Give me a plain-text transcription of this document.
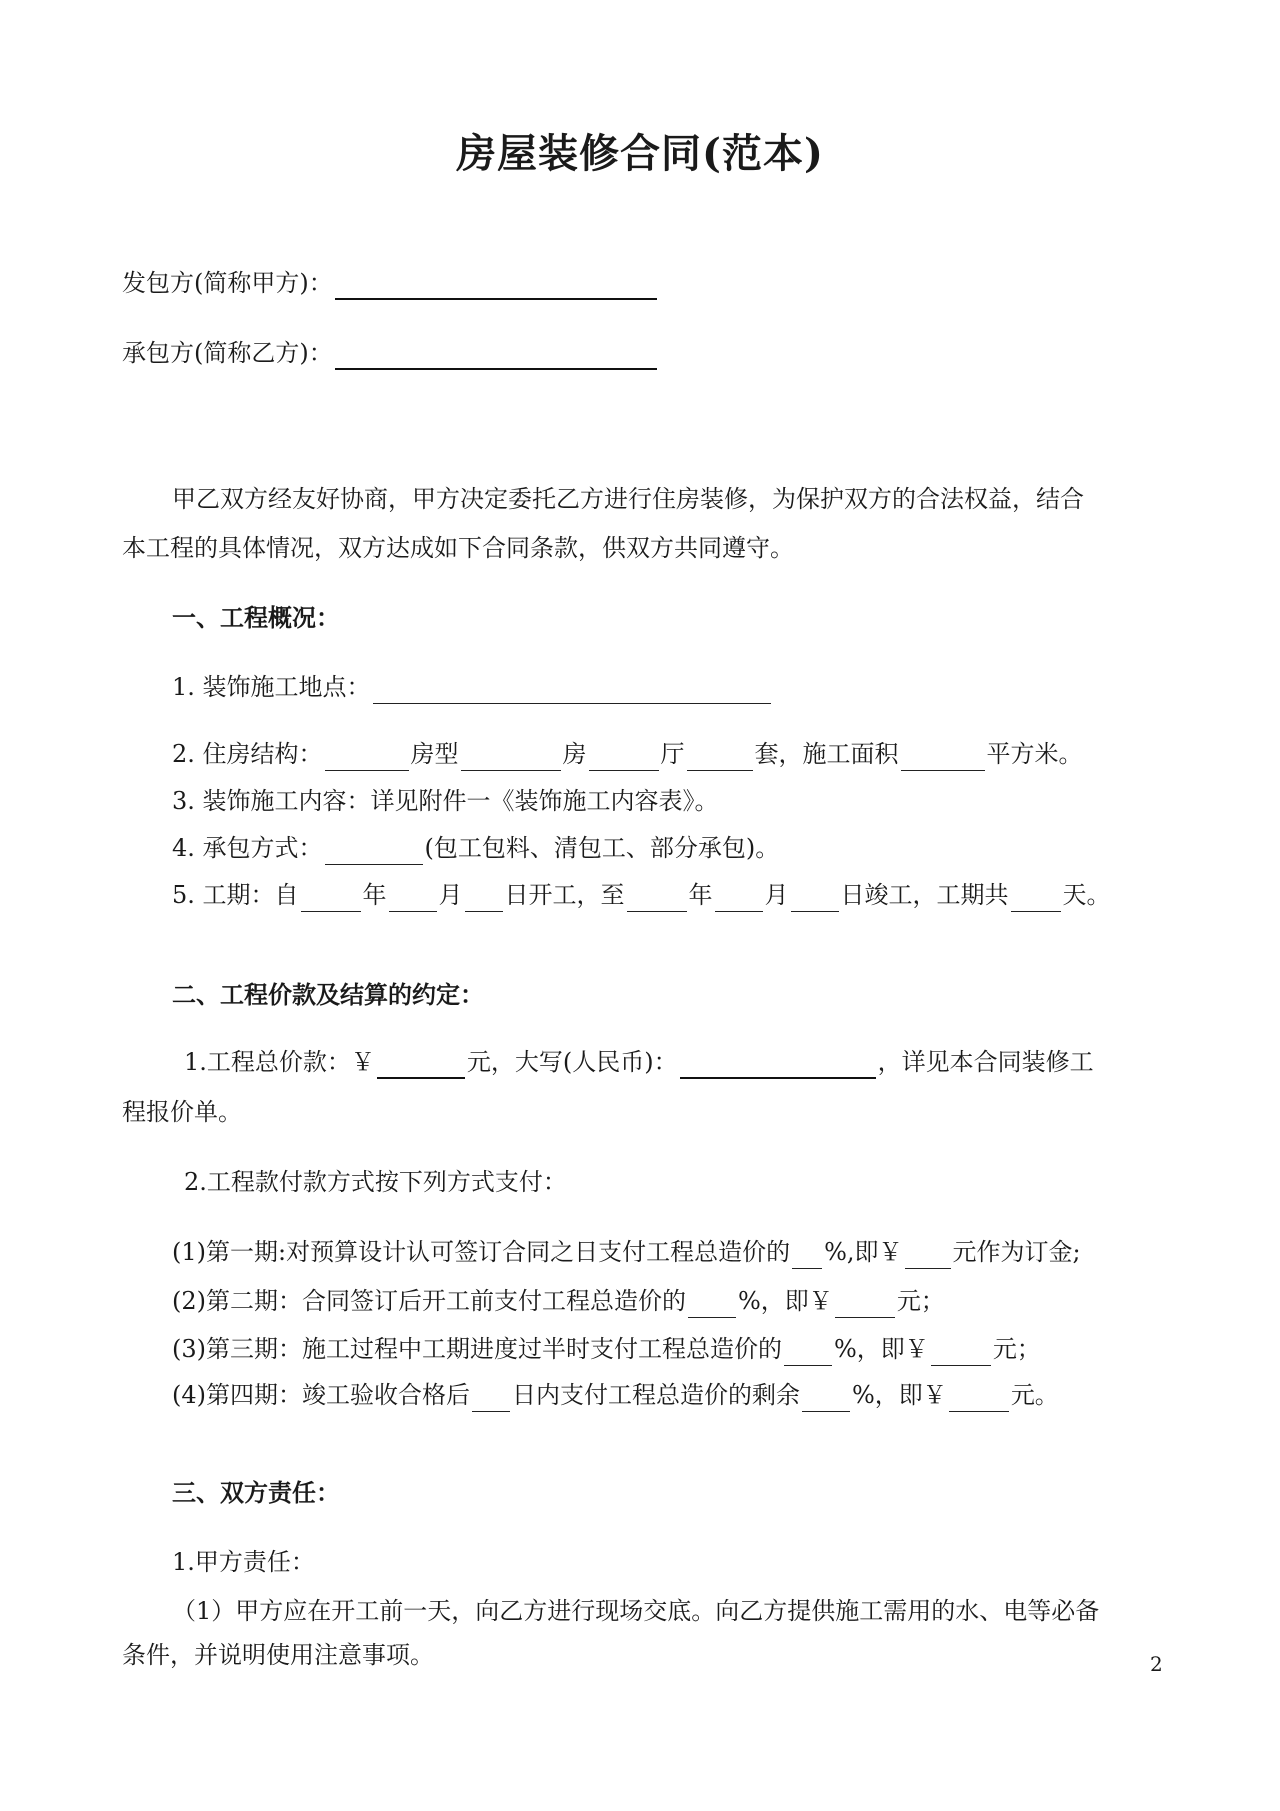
房屋装修合同(范本)
发包方(简称甲方)：
承包方(简称乙方)：
甲乙双方经友好协商，甲方决定委托乙方进行住房装修，为保护双方的合法权益，结合
本工程的具体情况，双方达成如下合同条款，供双方共同遵守。
一、工程概况：
1. 装饰施工地点：
2. 住房结构：	房型	房	厅	套，施工面积	平方米。
3. 装饰施工内容：详见附件一《装饰施工内容表》。
4. 承包方式：	(包工包料、清包工、部分承包)。
5. 工期：自	年 月 日开工，至	年 月 日竣工，工期共 天。
二、工程价款及结算的约定：
1.工程总价款：￥	元，大写(人民币)：	，详见本合同装修工
程报价单。
2.工程款付款方式按下列方式支付：
(1)第一期:对预算设计认可签订合同之日支付工程总造价的 %,即￥ 元作为订金;
(2)第二期：合同签订后开工前支付工程总造价的 %，即￥	元；
(3)第三期：施工过程中工期进度过半时支付工程总造价的 %，即￥	元；
(4)第四期：竣工验收合格后 日内支付工程总造价的剩余 %，即￥	元。
三、双方责任：
1.甲方责任：
（1）甲方应在开工前一天，向乙方进行现场交底。向乙方提供施工需用的水、电等必备
条件，并说明使用注意事项。	2
